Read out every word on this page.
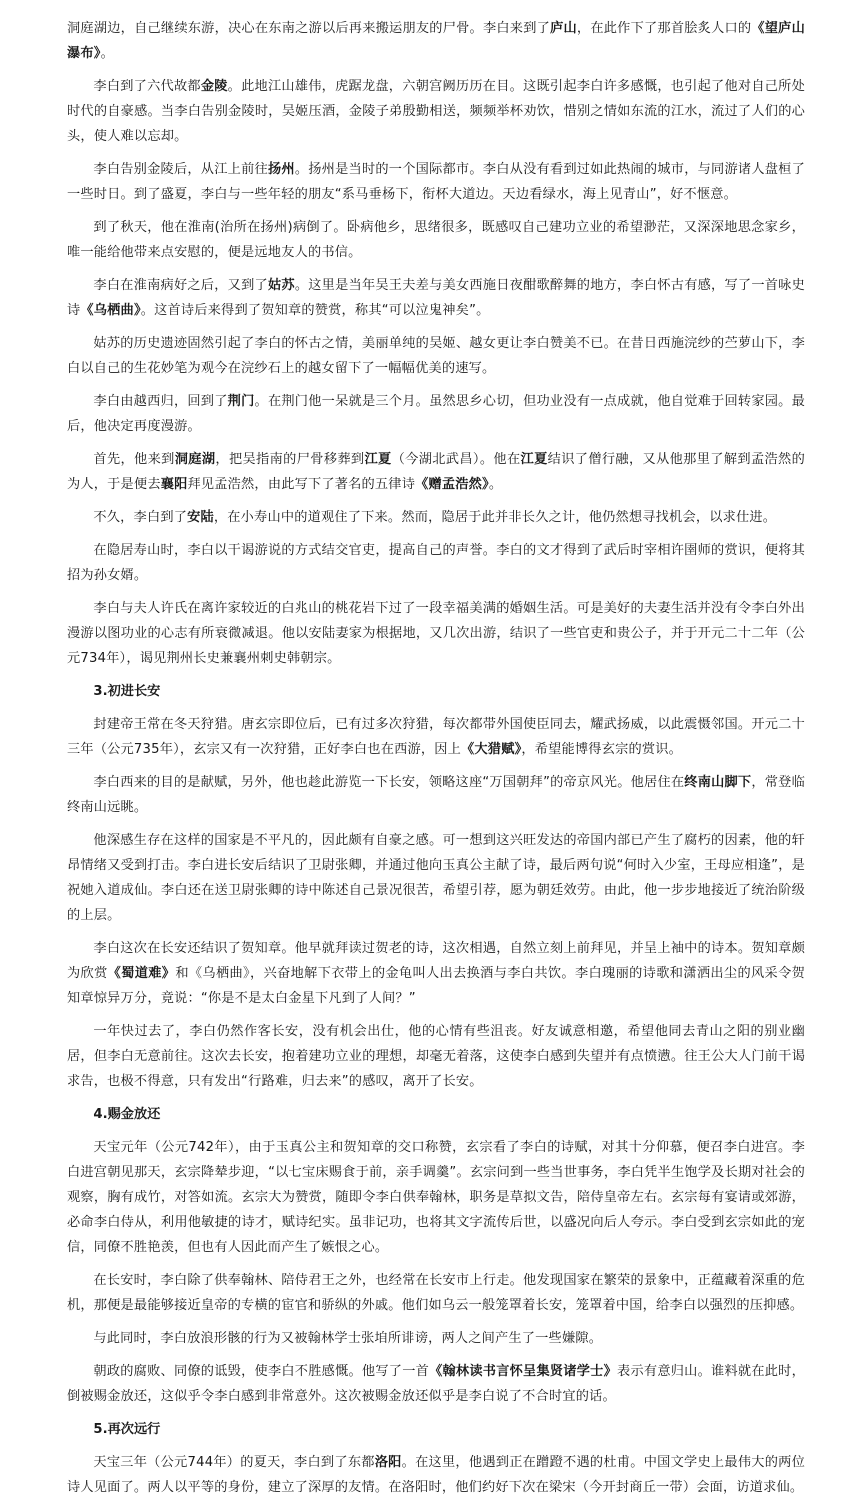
洞庭湖边，自己继续东游，决心在东南之游以后再来搬运朋友的尸骨。李白来到了庐山，在此作下了那首脍炙人口的《望庐山瀑布》。
李白到了六代故都金陵。此地江山雄伟，虎踞龙盘，六朝宫阙历历在目。这既引起李白许多感慨，也引起了他对自己所处时代的自豪感。当李白告别金陵时，吴姬压酒，金陵子弟殷勤相送，频频举杯劝饮，惜别之情如东流的江水，流过了人们的心头，使人难以忘却。
李白告别金陵后，从江上前往扬州。扬州是当时的一个国际都市。李白从没有看到过如此热闹的城市，与同游诸人盘桓了一些时日。到了盛夏，李白与一些年轻的朋友“系马垂杨下，衔杯大道边。天边看绿水，海上见青山”，好不惬意。
到了秋天，他在淮南(治所在扬州)病倒了。卧病他乡，思绪很多，既感叹自己建功立业的希望渺茫，又深深地思念家乡，唯一能给他带来点安慰的，便是远地友人的书信。
李白在淮南病好之后，又到了姑苏。这里是当年吴王夫差与美女西施日夜酣歌醉舞的地方，李白怀古有感，写了一首咏史诗《乌栖曲》。这首诗后来得到了贺知章的赞赏，称其“可以泣鬼神矣”。
姑苏的历史遗迹固然引起了李白的怀古之情，美丽单纯的吴姬、越女更让李白赞美不已。在昔日西施浣纱的苎萝山下，李白以自己的生花妙笔为观今在浣纱石上的越女留下了一幅幅优美的速写。
李白由越西归，回到了荆门。在荆门他一呆就是三个月。虽然思乡心切，但功业没有一点成就，他自觉难于回转家园。最后，他决定再度漫游。
首先，他来到洞庭湖，把吴指南的尸骨移葬到江夏（今湖北武昌）。他在江夏结识了僧行融，又从他那里了解到孟浩然的为人，于是便去襄阳拜见孟浩然，由此写下了著名的五律诗《赠孟浩然》。
不久，李白到了安陆，在小寿山中的道观住了下来。然而，隐居于此并非长久之计，他仍然想寻找机会，以求仕进。
在隐居寿山时，李白以干谒游说的方式结交官吏，提高自己的声誉。李白的文才得到了武后时宰相许圉师的赏识，便将其招为孙女婿。
李白与夫人许氏在离许家较近的白兆山的桃花岩下过了一段幸福美满的婚姻生活。可是美好的夫妻生活并没有令李白外出漫游以图功业的心志有所衰微减退。他以安陆妻家为根据地，又几次出游，结识了一些官吏和贵公子，并于开元二十二年（公元734年），谒见荆州长史兼襄州刺史韩朝宗。
3.初进长安
封建帝王常在冬天狩猎。唐玄宗即位后，已有过多次狩猎，每次都带外国使臣同去，耀武扬威，以此震慑邻国。开元二十三年（公元735年），玄宗又有一次狩猎，正好李白也在西游，因上《大猎赋》，希望能博得玄宗的赏识。
李白西来的目的是献赋，另外，他也趁此游览一下长安，领略这座“万国朝拜”的帝京风光。他居住在终南山脚下，常登临终南山远眺。
他深感生存在这样的国家是不平凡的，因此颇有自豪之感。可一想到这兴旺发达的帝国内部已产生了腐朽的因素，他的轩昂情绪又受到打击。李白进长安后结识了卫尉张卿，并通过他向玉真公主献了诗，最后两句说“何时入少室，王母应相逢”，是祝她入道成仙。李白还在送卫尉张卿的诗中陈述自己景况很苦，希望引荐，愿为朝廷效劳。由此，他一步步地接近了统治阶级的上层。
李白这次在长安还结识了贺知章。他早就拜读过贺老的诗，这次相遇，自然立刻上前拜见，并呈上袖中的诗本。贺知章颇为欣赏《蜀道难》和《乌栖曲》，兴奋地解下衣带上的金龟叫人出去换酒与李白共饮。李白瑰丽的诗歌和潇洒出尘的风采令贺知章惊异万分，竟说：“你是不是太白金星下凡到了人间？”
一年快过去了，李白仍然作客长安，没有机会出仕，他的心情有些沮丧。好友诚意相邀，希望他同去青山之阳的别业幽居，但李白无意前往。这次去长安，抱着建功立业的理想，却毫无着落，这使李白感到失望并有点愤懑。往王公大人门前干谒求告，也极不得意，只有发出“行路难，归去来”的感叹，离开了长安。
4.赐金放还
天宝元年（公元742年），由于玉真公主和贺知章的交口称赞，玄宗看了李白的诗赋，对其十分仰慕，便召李白进宫。李白进宫朝见那天，玄宗降辇步迎，“以七宝床赐食于前，亲手调羹”。玄宗问到一些当世事务，李白凭半生饱学及长期对社会的观察，胸有成竹，对答如流。玄宗大为赞赏，随即令李白供奉翰林，职务是草拟文告，陪侍皇帝左右。玄宗每有宴请或郊游，必命李白侍从，利用他敏捷的诗才，赋诗纪实。虽非记功，也将其文字流传后世，以盛况向后人夸示。李白受到玄宗如此的宠信，同僚不胜艳羡，但也有人因此而产生了嫉恨之心。
在长安时，李白除了供奉翰林、陪侍君王之外，也经常在长安市上行走。他发现国家在繁荣的景象中，正蕴藏着深重的危机，那便是最能够接近皇帝的专横的宦官和骄纵的外戚。他们如乌云一般笼罩着长安，笼罩着中国，给李白以强烈的压抑感。
与此同时，李白放浪形骸的行为又被翰林学士张垍所诽谤，两人之间产生了一些嫌隙。
朝政的腐败、同僚的诋毁，使李白不胜感慨。他写了一首《翰林读书言怀呈集贤诸学士》表示有意归山。谁料就在此时，倒被赐金放还，这似乎令李白感到非常意外。这次被赐金放还似乎是李白说了不合时宜的话。
5.再次远行
天宝三年（公元744年）的夏天，李白到了东都洛阳。在这里，他遇到正在蹭蹬不遇的杜甫。中国文学史上最伟大的两位诗人见面了。两人以平等的身份，建立了深厚的友情。在洛阳时，他们约好下次在梁宋（今开封商丘一带）会面，访道求仙。
